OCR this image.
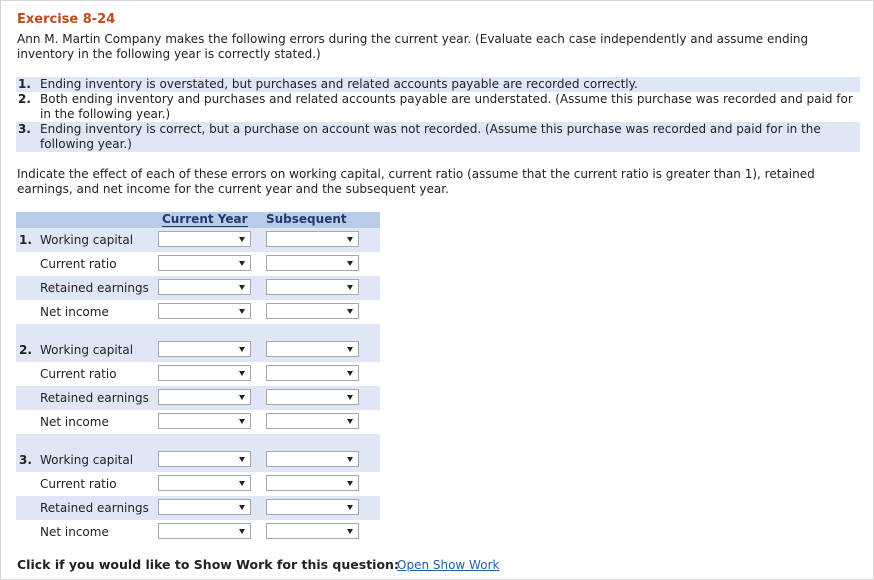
Exercise 8-24
Ann M. Martin Company makes the following errors during the current year. (Evaluate each case independently and assume ending inventory in the following year is correctly stated.)
1. Ending inventory is overstated, but purchases and related accounts payable are recorded correctly.
2. Both ending inventory and purchases and related accounts payable are understated. (Assume this purchase was recorded and paid for in the following year.)
3. Ending inventory is correct, but a purchase on account was not recorded. (Assume this purchase was recorded and paid for in the following year.)
Indicate the effect of each of these errors on working capital, current ratio (assume that the current ratio is greater than 1), retained earnings, and net income for the current year and the subsequent year.
Current Year Subsequent
1. Working capital
Current ratio
Retained earnings
Net income
2. Working capital
Current ratio
Retained earnings
Net income
3. Working capital
Current ratio
Retained earnings
Net income
Click if you would like to Show Work for this question:
Open Show Work
